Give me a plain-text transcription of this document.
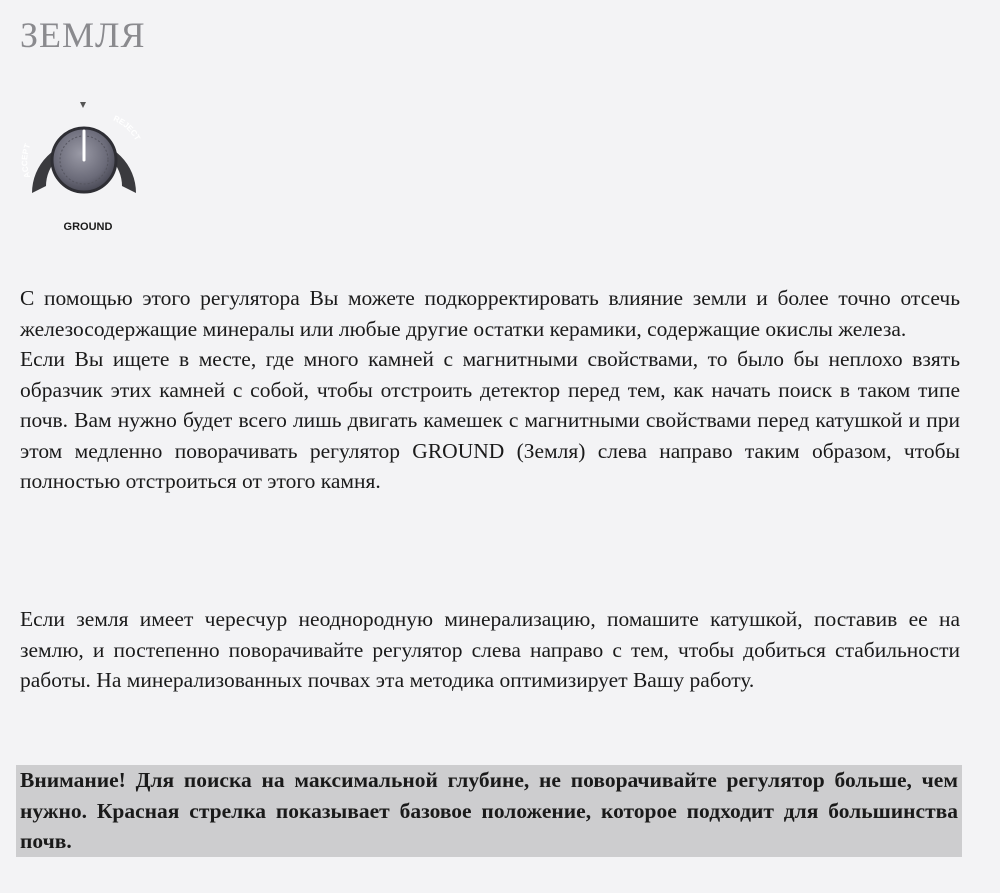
ЗЕМЛЯ
ACCEPT
REJECT
GROUND

С помощью этого регулятора Вы можете подкорректировать влияние земли и более точно отсечь железосодержащие минералы или любые другие остатки керамики, содержащие окислы железа.

Если Вы ищете в месте, где много камней с магнитными свойствами, то было бы неплохо взять образчик этих камней с собой, чтобы отстроить детектор перед тем, как начать поиск в таком типе почв. Вам нужно будет всего лишь двигать камешек с магнитными свойствами перед катушкой и при этом медленно поворачивать регулятор GROUND (Земля) слева направо таким образом, чтобы полностью отстроиться от этого камня.

Если земля имеет чересчур неоднородную минерализацию, помашите катушкой, поставив ее на землю, и постепенно поворачивайте регулятор слева направо с тем, чтобы добиться стабильности работы. На минерализованных почвах эта методика оптимизирует Вашу работу.

Внимание! Для поиска на максимальной глубине, не поворачивайте регулятор больше, чем нужно. Красная стрелка показывает базовое положение, которое подходит для большинства почв.
